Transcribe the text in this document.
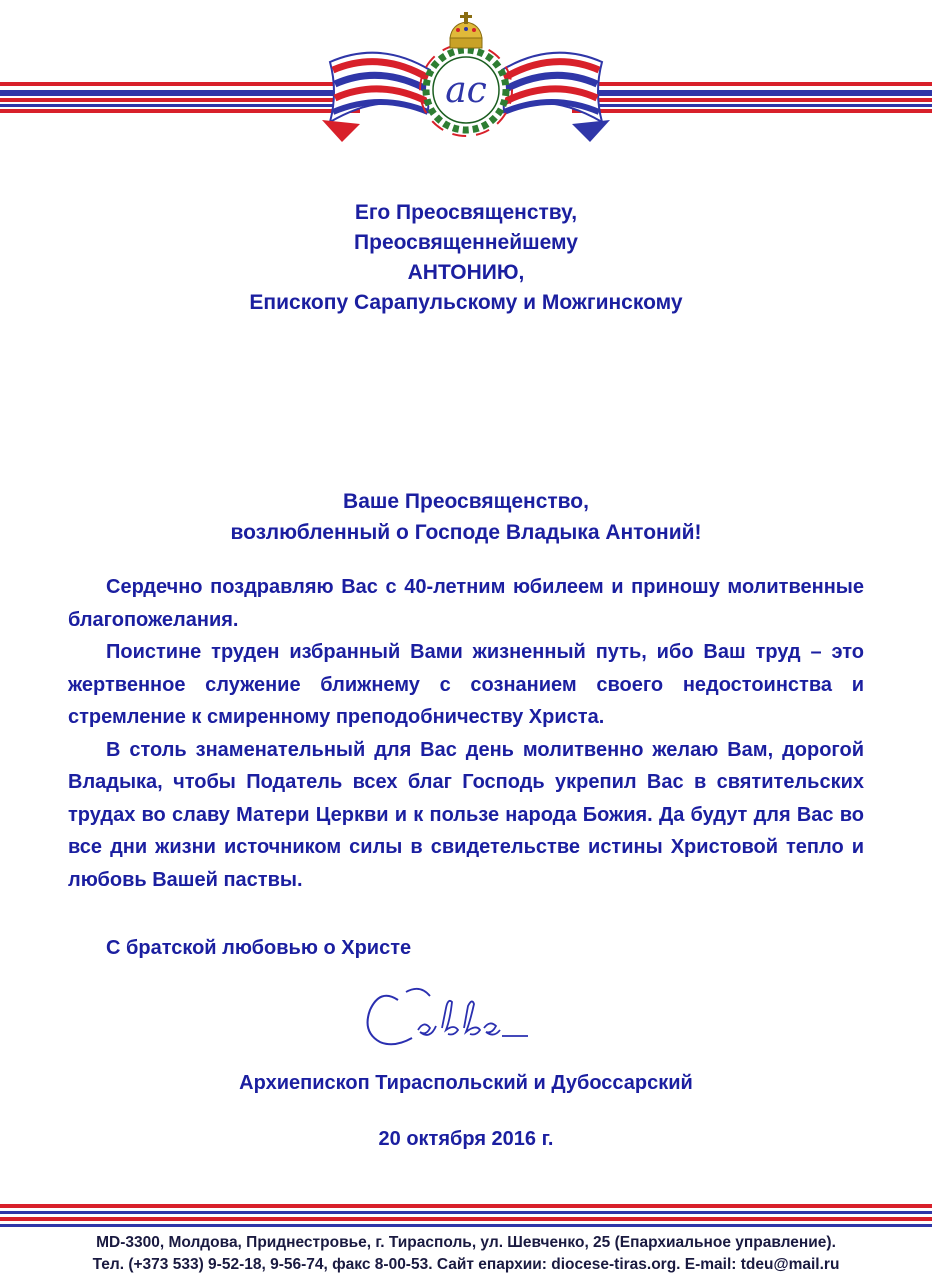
ас
Его Преосвященству,
Преосвященнейшему
АНТОНИЮ,
Епископу Сарапульскому и Можгинскому
Ваше Преосвященство,
возлюбленный о Господе Владыка Антоний!

Сердечно поздравляю Вас с 40-летним юбилеем и приношу молитвенные благопожелания.

Поистине труден избранный Вами жизненный путь, ибо Ваш труд – это жертвенное служение ближнему с сознанием своего недостоинства и стремление к смиренному преподобничеству Христа.

В столь знаменательный для Вас день молитвенно желаю Вам, дорогой Владыка, чтобы Податель всех благ Господь укрепил Вас в святительских трудах во славу Матери Церкви и к пользе народа Божия. Да будут для Вас во все дни жизни источником силы в свидетельстве истины Христовой тепло и любовь Вашей паствы.

С братской любовью о Христе
Архиепископ Тираспольский и Дубоссарский
20 октября 2016 г.
MD-3300, Молдова, Приднестровье, г. Тирасполь, ул. Шевченко, 25 (Епархиальное управление).
Тел. (+373 533) 9-52-18, 9-56-74, факс 8-00-53. Сайт епархии: diocese-tiras.org. E-mail: tdeu@mail.ru
